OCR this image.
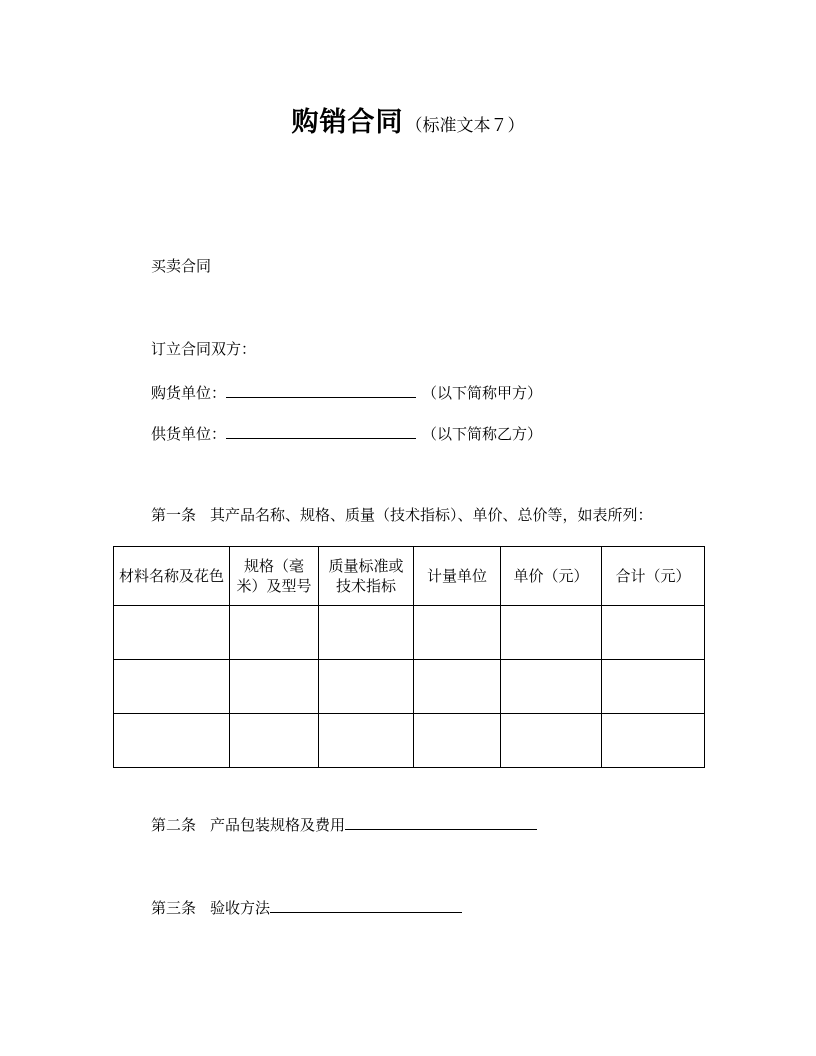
购销合同 （标准文本７）
买卖合同
订立合同双方：
购货单位：	（以下简称甲方）
供货单位：	（以下简称乙方）
第一条 其产品名称、规格、质量（技术指标）、单价、总价等，如表所列：
材料名称及花色	规格（毫米）及型号	质量标准或技术指标	计量单位	单价（元）	合计（元）

第二条 产品包装规格及费用
第三条 验收方法
